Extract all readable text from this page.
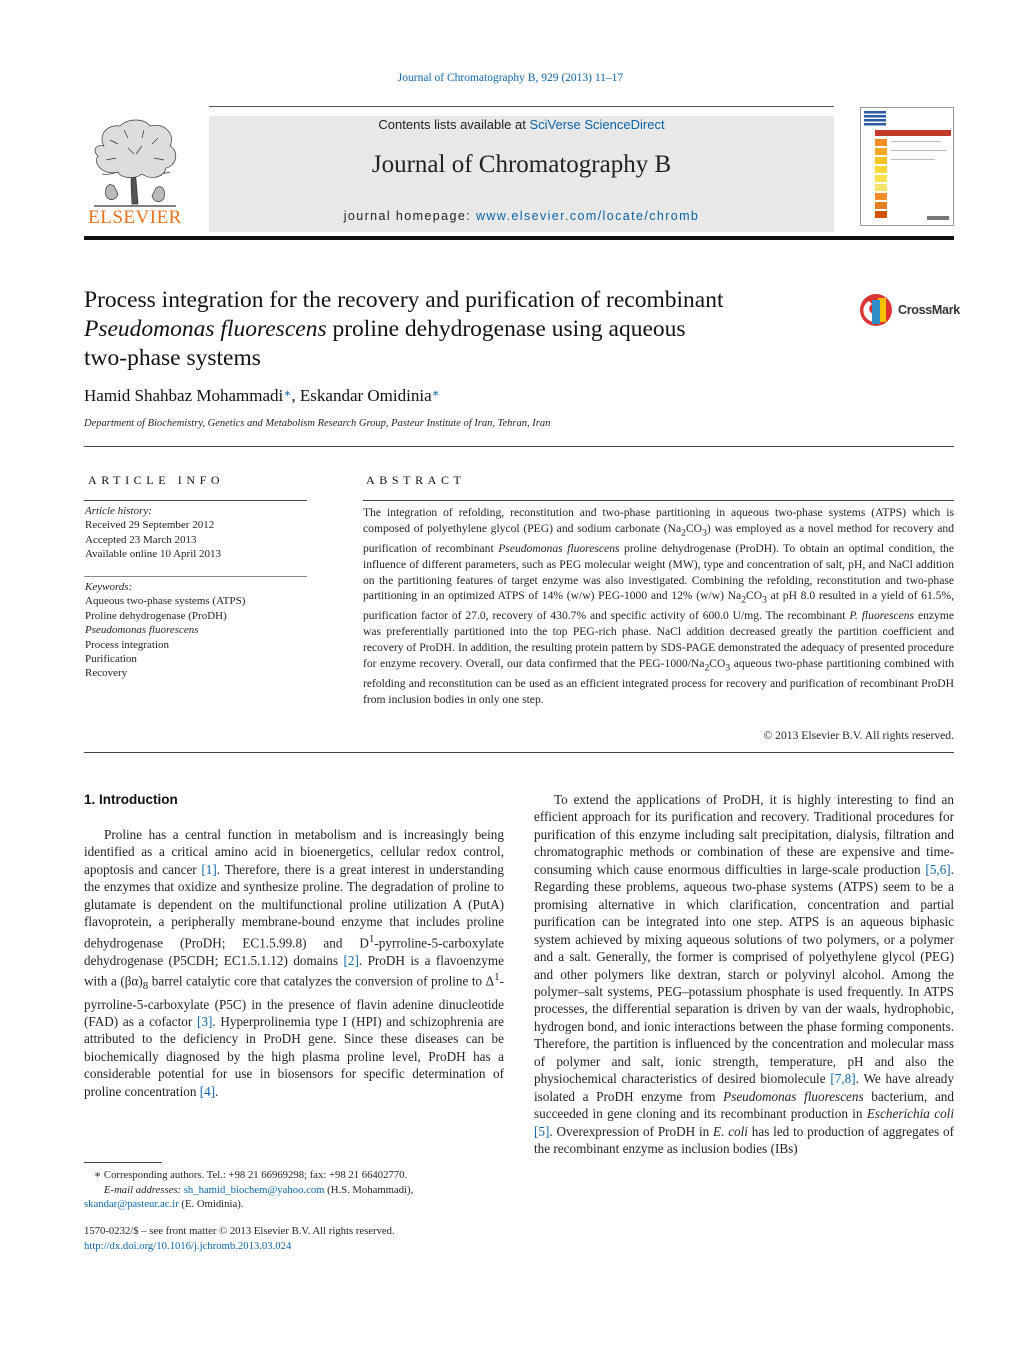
Journal of Chromatography B, 929 (2013) 11–17
ELSEVIER
Contents lists available at SciVerse ScienceDirect
Journal of Chromatography B
journal homepage: www.elsevier.com/locate/chromb
Process integration for the recovery and purification of recombinant
Pseudomonas fluorescens proline dehydrogenase using aqueous
two-phase systems
CrossMark
Hamid Shahbaz Mohammadi∗, Eskandar Omidinia∗
Department of Biochemistry, Genetics and Metabolism Research Group, Pasteur Institute of Iran, Tehran, Iran
ARTICLE INFO	ABSTRACT
Article history:
Received 29 September 2012
Accepted 23 March 2013
Available online 10 April 2013
Keywords:
Aqueous two-phase systems (ATPS)
Proline dehydrogenase (ProDH)
Pseudomonas fluorescens
Process integration
Purification
Recovery
The integration of refolding, reconstitution and two-phase partitioning in aqueous two-phase systems (ATPS) which is composed of polyethylene glycol (PEG) and sodium carbonate $(Na_2CO_3)$ was employed as a novel method for recovery and purification of recombinant Pseudomonas fluorescens proline dehydrogenase (ProDH). To obtain an optimal condition, the influence of different parameters, such as PEG molecular weight (MW), type and concentration of salt, pH, and NaCl addition on the partitioning features of target enzyme was also investigated. Combining the refolding, reconstitution and two-phase partitioning in an optimized ATPS of 14% (w/w) PEG-1000 and 12% (w/w) $Na_2CO_3$ at pH 8.0 resulted in a yield of 61.5%, purification factor of 27.0, recovery of 430.7% and specific activity of 600.0 U/mg. The recombinant P. fluorescens enzyme was preferentially partitioned into the top PEG-rich phase. NaCl addition decreased greatly the partition coefficient and recovery of ProDH. In addition, the resulting protein pattern by SDS-PAGE demonstrated the adequacy of presented procedure for enzyme recovery. Overall, our data confirmed that the PEG-$1000/Na_2CO_3$ aqueous two-phase partitioning combined with refolding and reconstitution can be used as an efficient integrated process for recovery and purification of recombinant ProDH from inclusion bodies in only one step.
© 2013 Elsevier B.V. All rights reserved.
1. Introduction

Proline has a central function in metabolism and is increasingly being identified as a critical amino acid in bioenergetics, cellular redox control, apoptosis and cancer [1]. Therefore, there is a great interest in understanding the enzymes that oxidize and synthesize proline. The degradation of proline to glutamate is dependent on the multifunctional proline utilization A (PutA) flavoprotein, a peripherally membrane-bound enzyme that includes proline dehydrogenase (ProDH; EC1.5.99.8) and $D^1-pyrroline-5$-carboxylate dehydrogenase (P5CDH; EC1.5.1.12) domains [2]. ProDH is a flavoenzyme with a $(\beta\alpha)_8$ barrel catalytic core that catalyzes the conversion of proline to $\Delta^1-pyrroline-5$-carboxylate (P5C) in the presence of flavin adenine dinucleotide (FAD) as a cofactor [3]. Hyperprolinemia type I (HPI) and schizophrenia are attributed to the deficiency in ProDH gene. Since these diseases can be biochemically diagnosed by the high plasma proline level, ProDH has a considerable potential for use in biosensors for specific determination of proline concentration [4].

To extend the applications of ProDH, it is highly interesting to find an efficient approach for its purification and recovery. Traditional procedures for purification of this enzyme including salt precipitation, dialysis, filtration and chromatographic methods or combination of these are expensive and time-consuming which cause enormous difficulties in large-scale production [5,6]. Regarding these problems, aqueous two-phase systems (ATPS) seem to be a promising alternative in which clarification, concentration and partial purification can be integrated into one step. ATPS is an aqueous biphasic system achieved by mixing aqueous solutions of two polymers, or a polymer and a salt. Generally, the former is comprised of polyethylene glycol (PEG) and other polymers like dextran, starch or polyvinyl alcohol. Among the polymer–salt systems, PEG–potassium phosphate is used frequently. In ATPS processes, the differential separation is driven by van der waals, hydrophobic, hydrogen bond, and ionic interactions between the phase forming components. Therefore, the partition is influenced by the concentration and molecular mass of polymer and salt, ionic strength, temperature, pH and also the physiochemical characteristics of desired biomolecule [7,8]. We have already isolated a ProDH enzyme from Pseudomonas fluorescens bacterium, and succeeded in gene cloning and its recombinant production in Escherichia coli [5]. Overexpression of ProDH in E. coli has led to production of aggregates of the recombinant enzyme as inclusion bodies (IBs)

∗ Corresponding authors. Tel.: +98 21 66969298; fax: +98 21 66402770.
E-mail addresses: sh_hamid_biochem@yahoo.com (H.S. Mohammadi),
skandar@pasteur.ac.ir (E. Omidinia).
1570-0232/$ – see front matter © 2013 Elsevier B.V. All rights reserved.
http://dx.doi.org/10.1016/j.jchromb.2013.03.024
